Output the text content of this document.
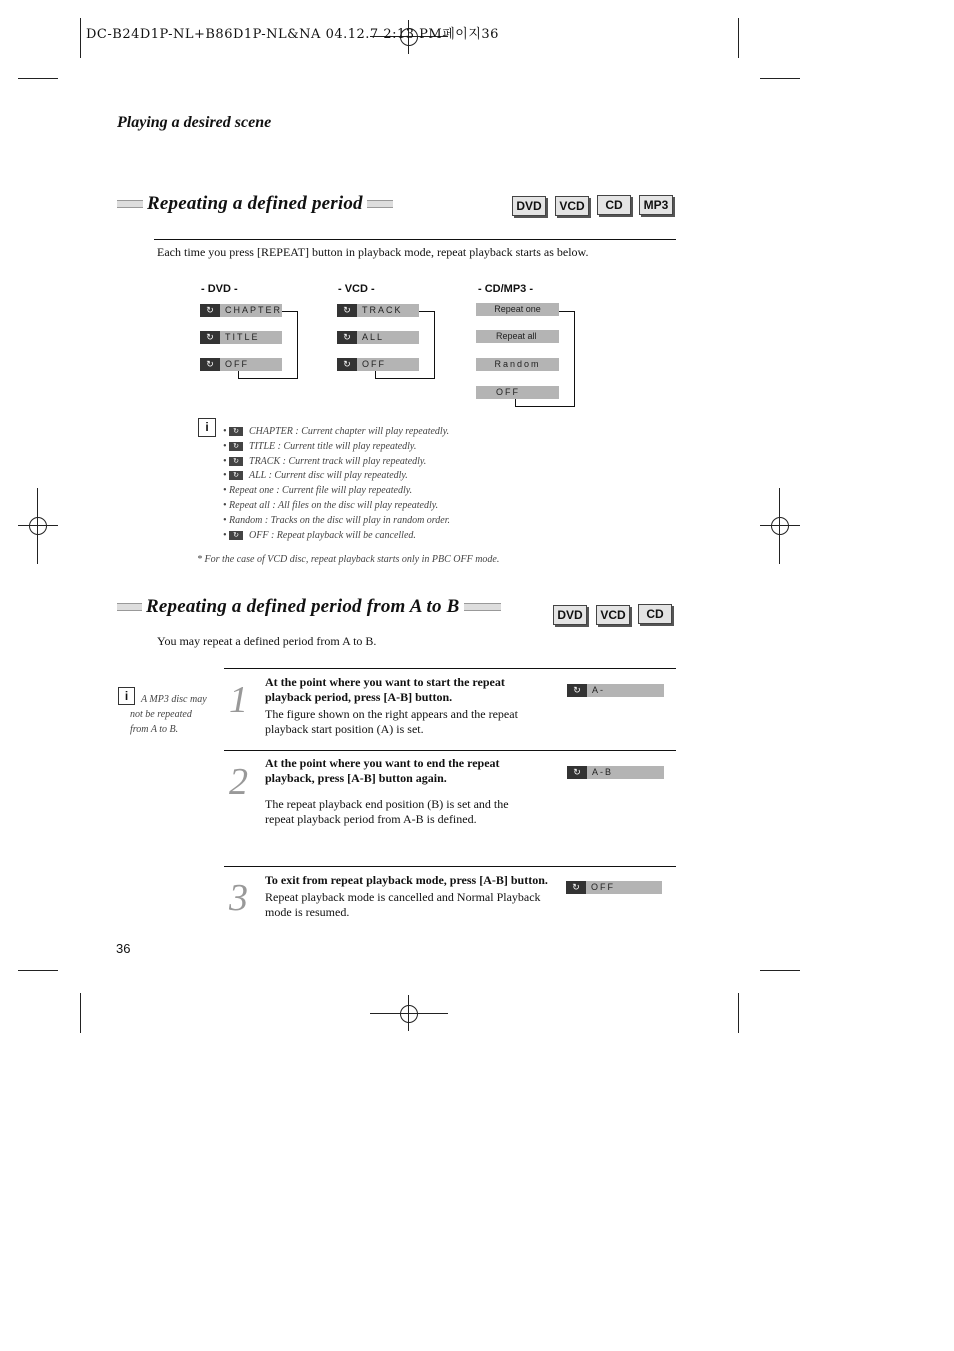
DC-B24D1P-NL+B86D1P-NL&NA 04.12.7 2:13 PM페이지36
Playing a desired scene
Repeating a defined period	DVD	VCD	CD	MP3
Each time you press [REPEAT] button in playback mode, repeat playback starts as below.
- DVD -
↻ CHAPTER
↻ TITLE
↻ OFF
- VCD -
↻ TRACK
↻ ALL
↻ OFF
- CD/MP3 -
Repeat one
Repeat all
Random
OFF
i	• ↻ CHAPTER : Current chapter will play repeatedly.
• ↻ TITLE : Current title will play repeatedly.
• ↻ TRACK : Current track will play repeatedly.
• ↻ ALL : Current disc will play repeatedly.
• Repeat one : Current file will play repeatedly.
• Repeat all : All files on the disc will play repeatedly.
• Random : Tracks on the disc will play in random order.
• ↻ OFF : Repeat playback will be cancelled.
* For the case of VCD disc, repeat playback starts only in PBC OFF mode.
Repeating a defined period from A to B	DVD	VCD	CD
You may repeat a defined period from A to B.
i	A MP3 disc may
not be repeated
from A to B.
1 At the point where you want to start the repeat playback period, press [A-B] button.
The figure shown on the right appears and the repeat playback start position (A) is set.
↻ A-
2 At the point where you want to end the repeat playback, press [A-B] button again.
The repeat playback end position (B) is set and the repeat playback period from A-B is defined.
↻ A-B
3 To exit from repeat playback mode, press [A-B] button.
Repeat playback mode is cancelled and Normal Playback mode is resumed.
↻ OFF
36
